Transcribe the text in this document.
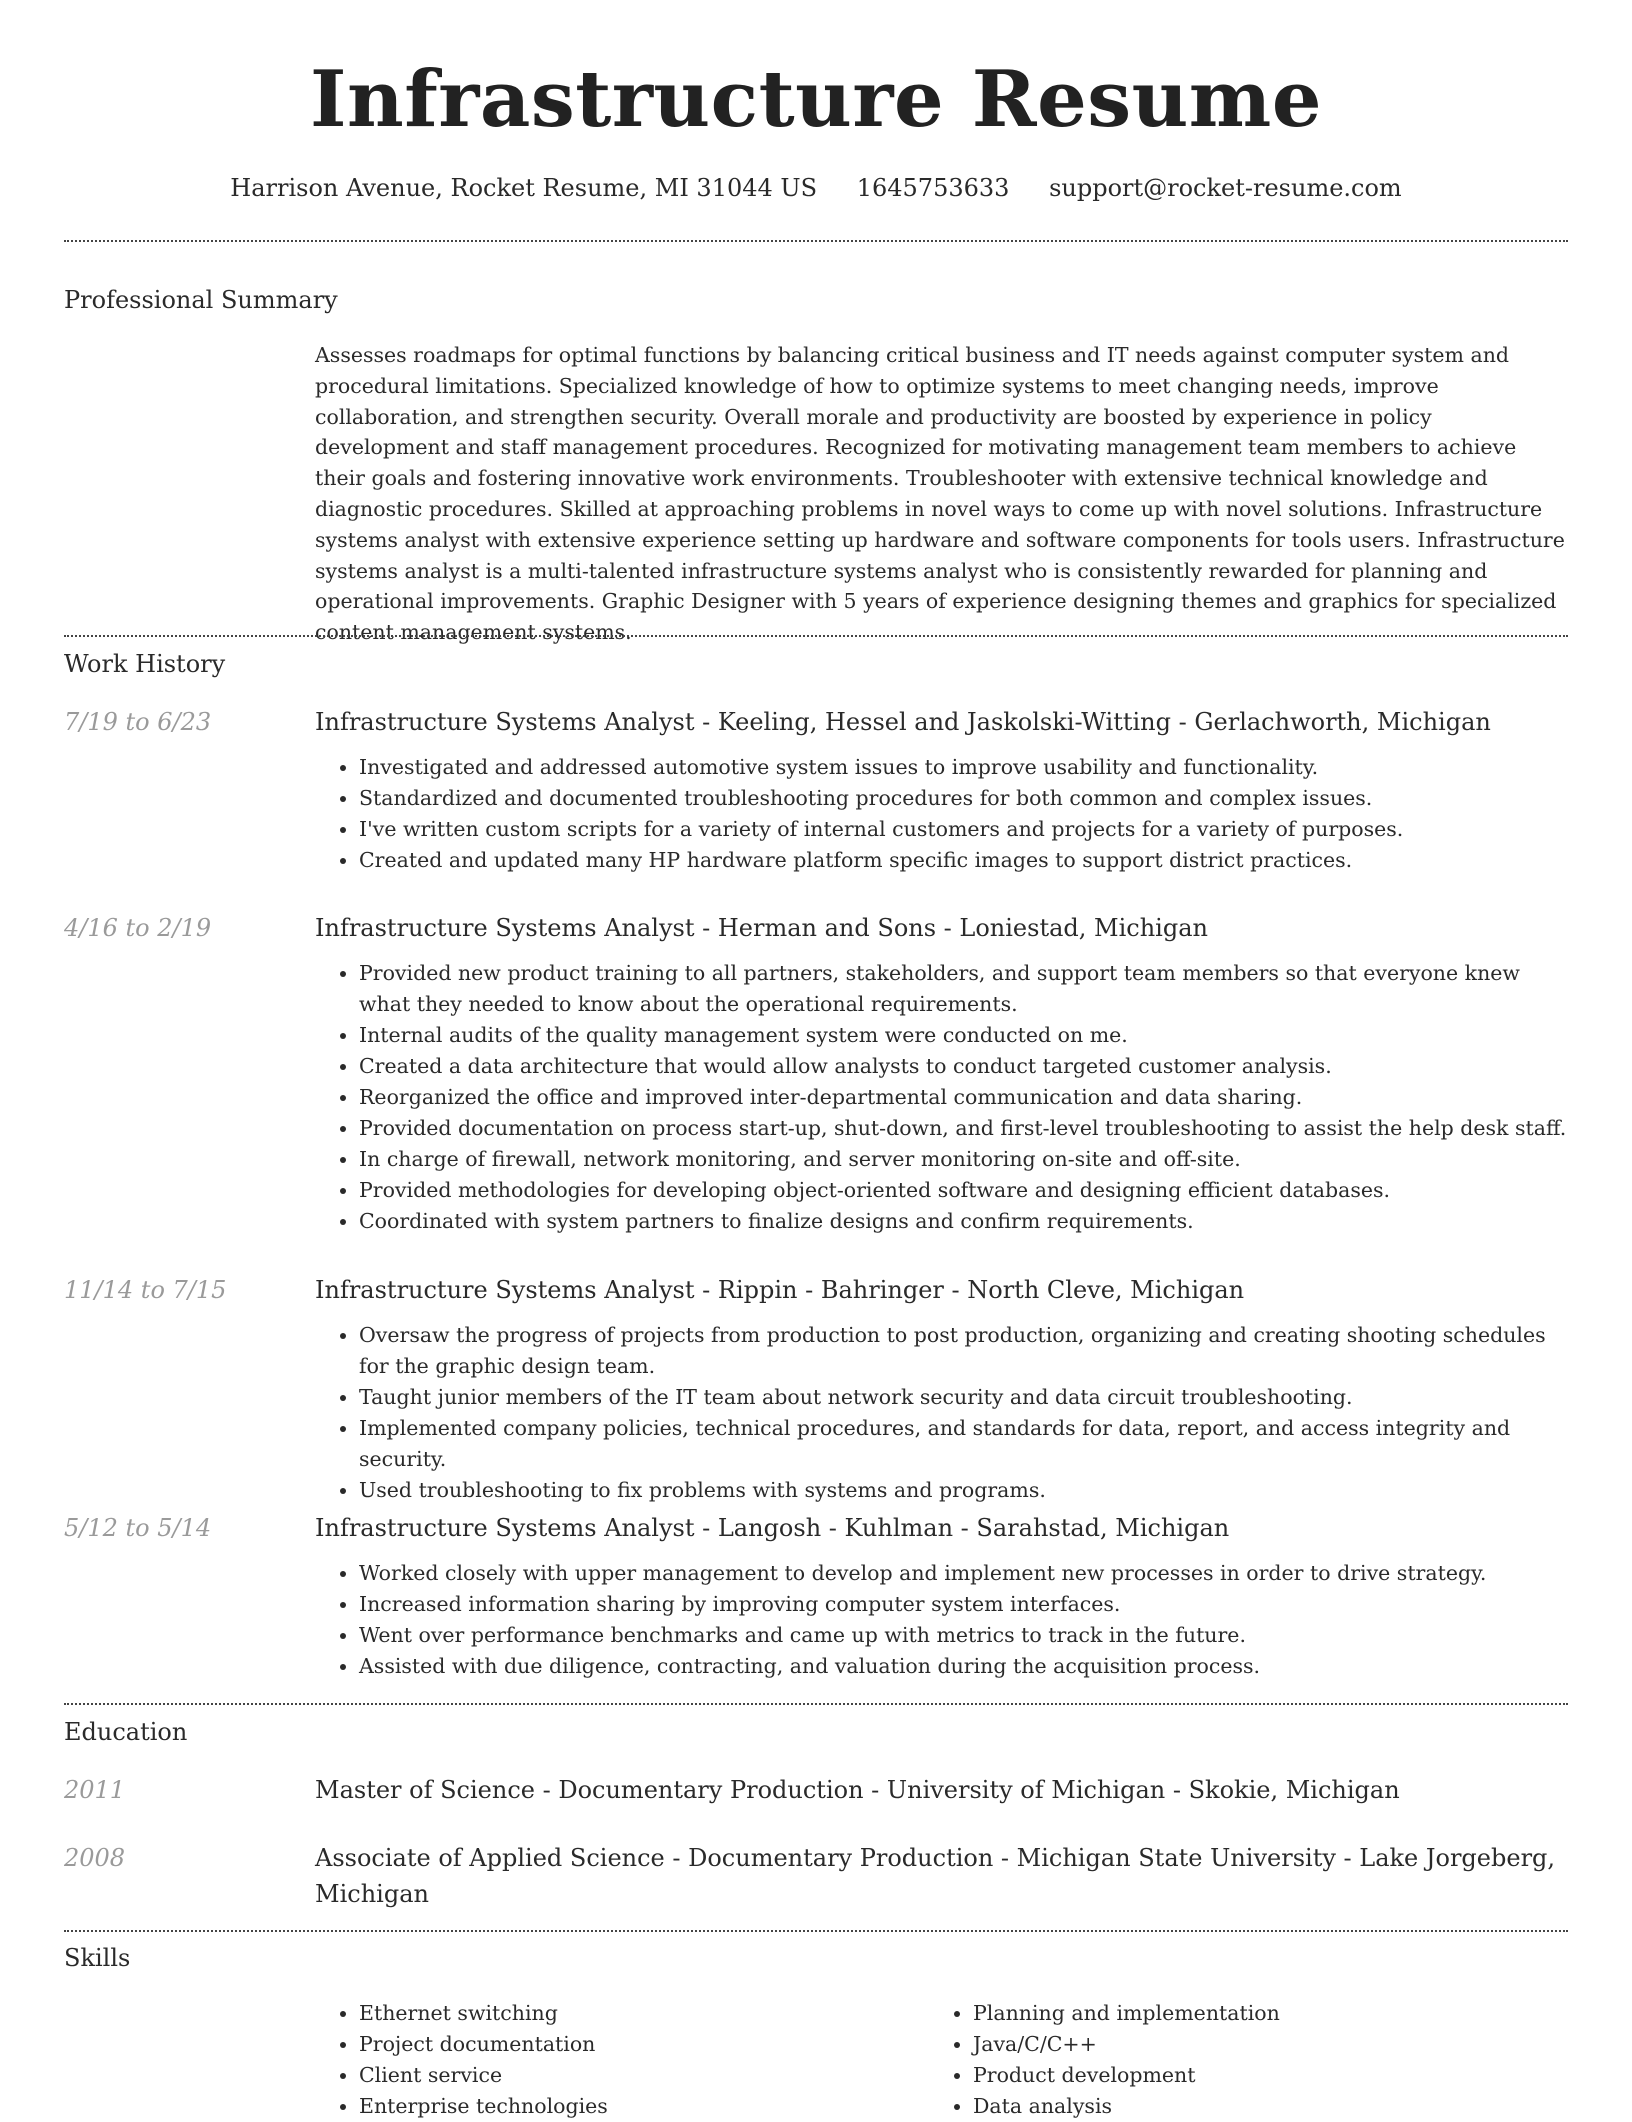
Infrastructure Resume
Harrison Avenue, Rocket Resume, MI 31044 US 1645753633 support@rocket-resume.com
Professional Summary

Assesses roadmaps for optimal functions by balancing critical business and IT needs against computer system and procedural limitations. Specialized knowledge of how to optimize systems to meet changing needs, improve collaboration, and strengthen security. Overall morale and productivity are boosted by experience in policy development and staff management procedures. Recognized for motivating management team members to achieve their goals and fostering innovative work environments. Troubleshooter with extensive technical knowledge and diagnostic procedures. Skilled at approaching problems in novel ways to come up with novel solutions. Infrastructure systems analyst with extensive experience setting up hardware and software components for tools users. Infrastructure systems analyst is a multi-talented infrastructure systems analyst who is consistently rewarded for planning and operational improvements. Graphic Designer with 5 years of experience designing themes and graphics for specialized content management systems.

Work History
7/19 to 6/23	Infrastructure Systems Analyst - Keeling, Hessel and Jaskolski-Witting - Gerlachworth, Michigan

• Investigated and addressed automotive system issues to improve usability and functionality.
• Standardized and documented troubleshooting procedures for both common and complex issues.
• I've written custom scripts for a variety of internal customers and projects for a variety of purposes.
• Created and updated many HP hardware platform specific images to support district practices.
4/16 to 2/19	Infrastructure Systems Analyst - Herman and Sons - Loniestad, Michigan

• Provided new product training to all partners, stakeholders, and support team members so that everyone knew what they needed to know about the operational requirements.
• Internal audits of the quality management system were conducted on me.
• Created a data architecture that would allow analysts to conduct targeted customer analysis.
• Reorganized the office and improved inter-departmental communication and data sharing.
• Provided documentation on process start-up, shut-down, and first-level troubleshooting to assist the help desk staff.
• In charge of firewall, network monitoring, and server monitoring on-site and off-site.
• Provided methodologies for developing object-oriented software and designing efficient databases.
• Coordinated with system partners to finalize designs and confirm requirements.
11/14 to 7/15	Infrastructure Systems Analyst - Rippin - Bahringer - North Cleve, Michigan

• Oversaw the progress of projects from production to post production, organizing and creating shooting schedules for the graphic design team.
• Taught junior members of the IT team about network security and data circuit troubleshooting.
• Implemented company policies, technical procedures, and standards for data, report, and access integrity and security.
• Used troubleshooting to fix problems with systems and programs.
5/12 to 5/14	Infrastructure Systems Analyst - Langosh - Kuhlman - Sarahstad, Michigan

• Worked closely with upper management to develop and implement new processes in order to drive strategy.
• Increased information sharing by improving computer system interfaces.
• Went over performance benchmarks and came up with metrics to track in the future.
• Assisted with due diligence, contracting, and valuation during the acquisition process.
Education
2011	Master of Science - Documentary Production - University of Michigan - Skokie, Michigan

2008	Associate of Applied Science - Documentary Production - Michigan State University - Lake Jorgeberg, Michigan

Skills
• Ethernet switching
• Project documentation
• Client service
• Enterprise technologies
• Planning and implementation
• Java/C/C++
• Product development
• Data analysis
